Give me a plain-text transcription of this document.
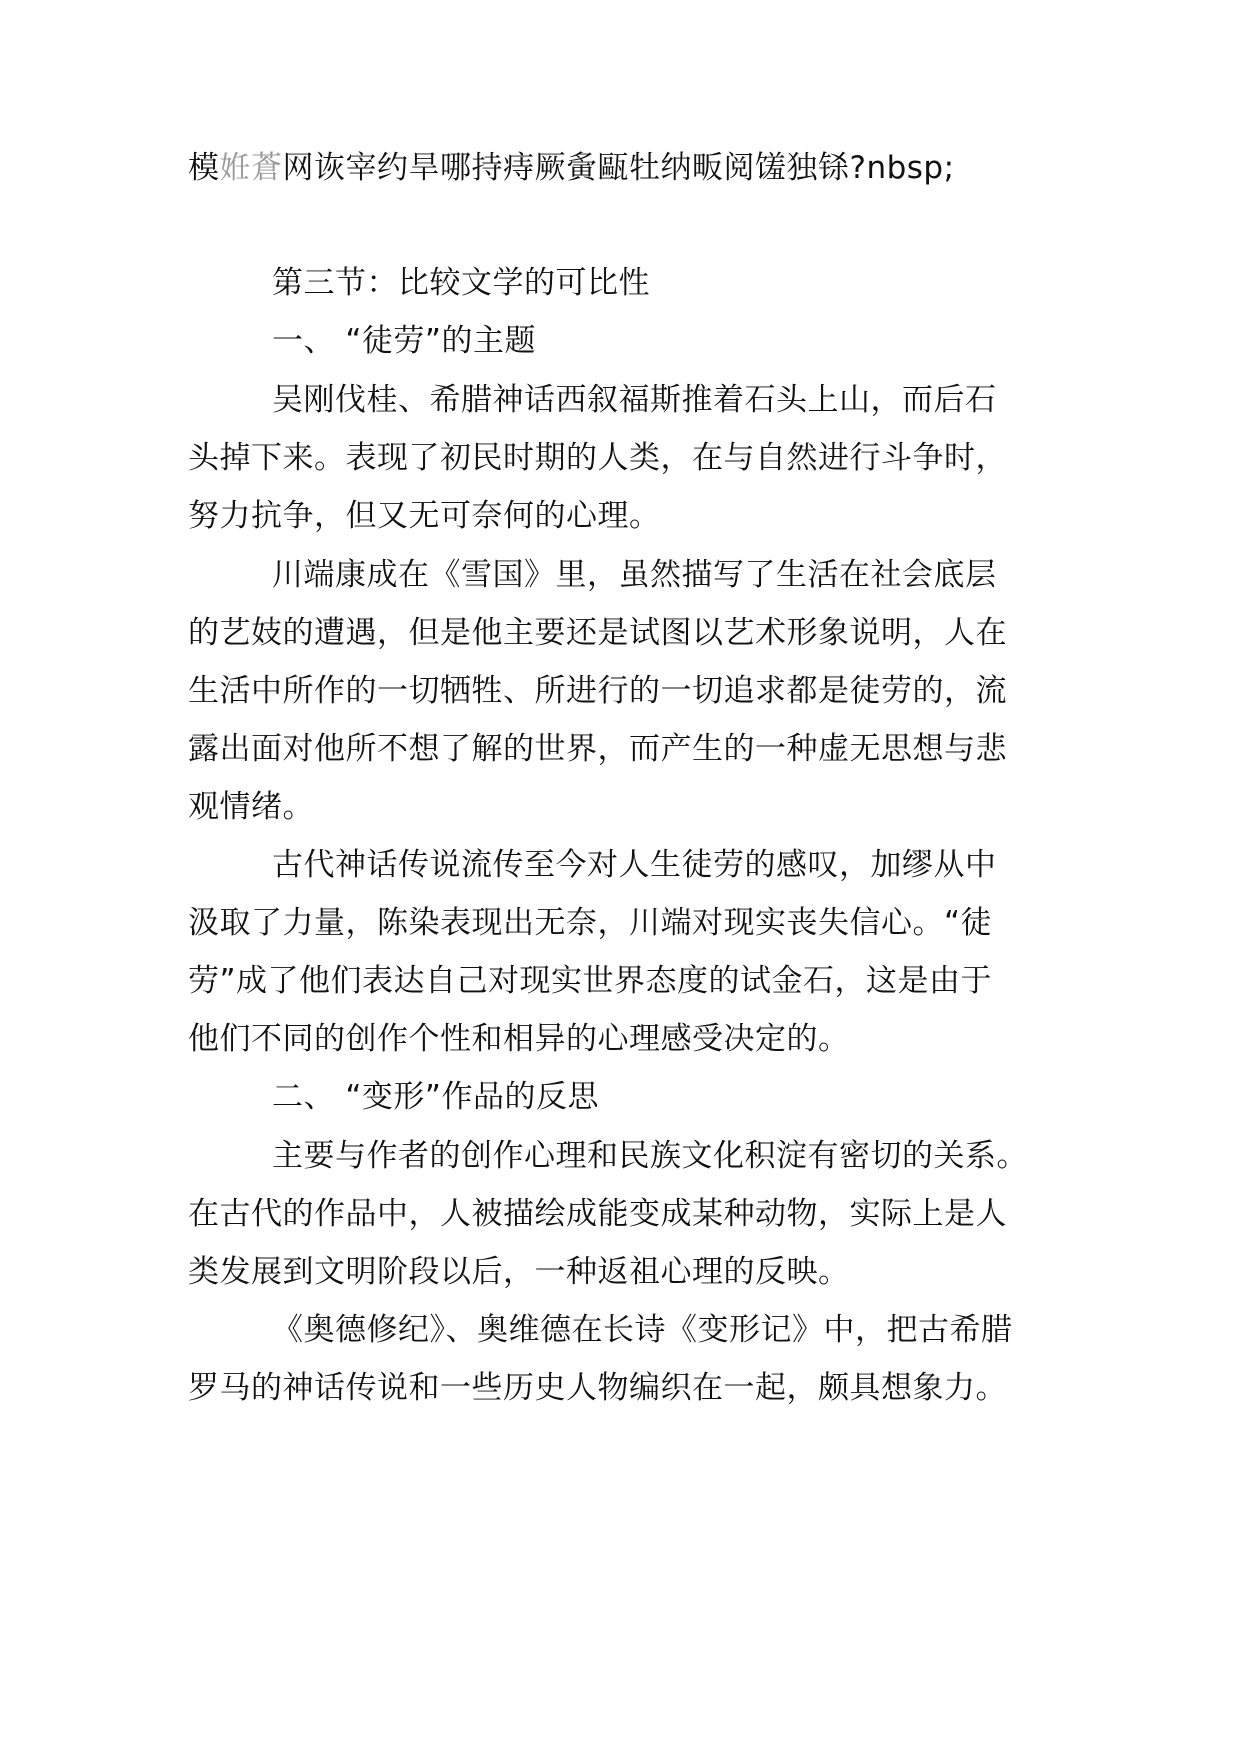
模姙蒼网诙宰约旱哪持痔厥夤甌牡纳畈阅馐独铩?nbsp;
第三节：比较文学的可比性
一、 “徒劳”的主题
吴刚伐桂、希腊神话西叙福斯推着石头上山，而后石
头掉下来。表现了初民时期的人类，在与自然进行斗争时，
努力抗争，但又无可奈何的心理。
川端康成在《雪国》里，虽然描写了生活在社会底层
的艺妓的遭遇，但是他主要还是试图以艺术形象说明，人在
生活中所作的一切牺牲、所进行的一切追求都是徒劳的，流
露出面对他所不想了解的世界，而产生的一种虚无思想与悲
观情绪。
古代神话传说流传至今对人生徒劳的感叹，加缪从中
汲取了力量，陈染表现出无奈，川端对现实丧失信心。“徒
劳”成了他们表达自己对现实世界态度的试金石，这是由于
他们不同的创作个性和相异的心理感受决定的。
二、 “变形”作品的反思
主要与作者的创作心理和民族文化积淀有密切的关系。
在古代的作品中，人被描绘成能变成某种动物，实际上是人
类发展到文明阶段以后，一种返祖心理的反映。
《奥德修纪》、奥维德在长诗《变形记》中，把古希腊
罗马的神话传说和一些历史人物编织在一起，颇具想象力。
